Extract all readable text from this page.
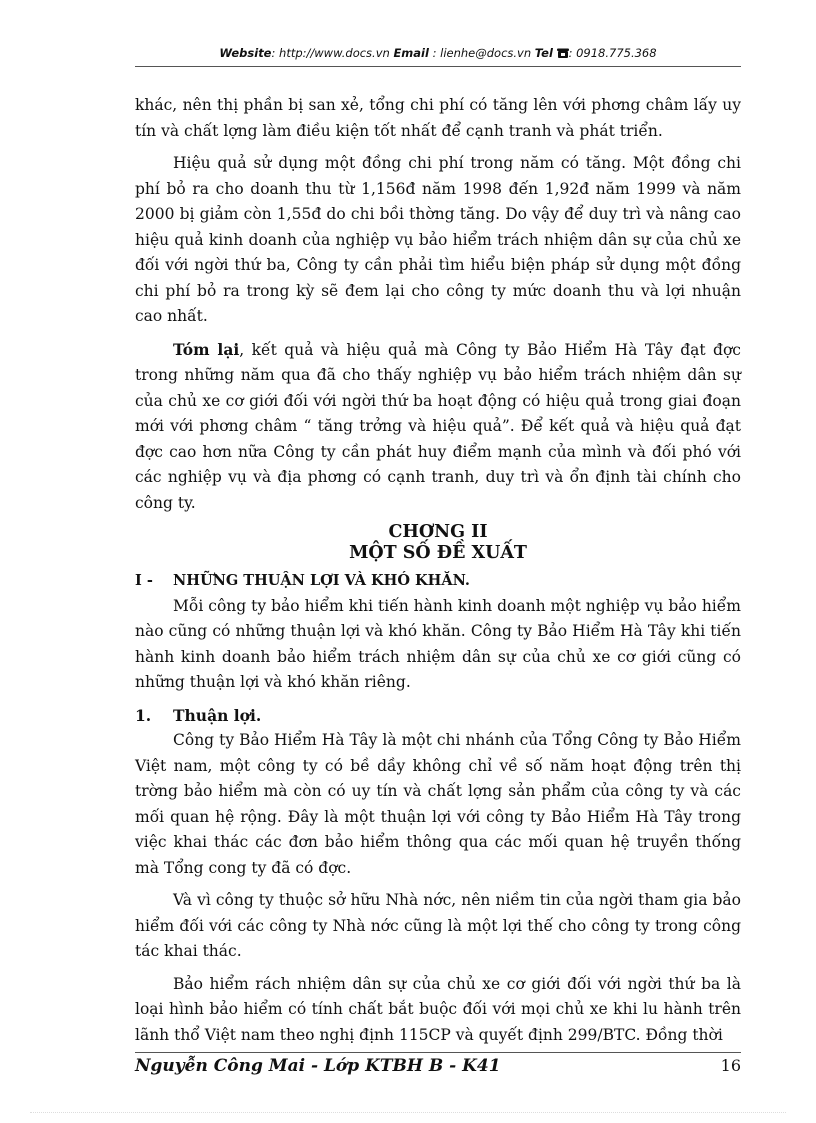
Website: http://www.docs.vn Email : lienhe@docs.vn Tel : 0918.775.368

khác, nên thị phần bị san xẻ, tổng chi phí có tăng lên với phơng châm lấy uy tín và chất lợng làm điều kiện tốt nhất để cạnh tranh và phát triển.

Hiệu quả sử dụng một đồng chi phí trong năm có tăng. Một đồng chi phí bỏ ra cho doanh thu từ 1,156đ năm 1998 đến 1,92đ năm 1999 và năm 2000 bị giảm còn 1,55đ do chi bồi thờng tăng. Do vậy để duy trì và nâng cao hiệu quả kinh doanh của nghiệp vụ bảo hiểm trách nhiệm dân sự của chủ xe đối với ngời thứ ba, Công ty cần phải tìm hiểu biện pháp sử dụng một đồng chi phí bỏ ra trong kỳ sẽ đem lại cho công ty mức doanh thu và lợi nhuận cao nhất.

Tóm lại, kết quả và hiệu quả mà Công ty Bảo Hiểm Hà Tây đạt đợc trong những năm qua đã cho thấy nghiệp vụ bảo hiểm trách nhiệm dân sự của chủ xe cơ giới đối với ngời thứ ba hoạt động có hiệu quả trong giai đoạn mới với phơng châm “ tăng trởng và hiệu quả”. Để kết quả và hiệu quả đạt đợc cao hơn nữa Công ty cần phát huy điểm mạnh của mình và đối phó với các nghiệp vụ và địa phơng có cạnh tranh, duy trì và ổn định tài chính cho công ty.

CHƠNG II
MỘT SỐ ĐỀ XUẤT
I -	NHỮNG THUẬN LỢI VÀ KHÓ KHĂN.

Mỗi công ty bảo hiểm khi tiến hành kinh doanh một nghiệp vụ bảo hiểm nào cũng có những thuận lợi và khó khăn. Công ty Bảo Hiểm Hà Tây khi tiến hành kinh doanh bảo hiểm trách nhiệm dân sự của chủ xe cơ giới cũng có những thuận lợi và khó khăn riêng.

1.	Thuận lợi.

Công ty Bảo Hiểm Hà Tây là một chi nhánh của Tổng Công ty Bảo Hiểm Việt nam, một công ty có bề dầy không chỉ về số năm hoạt động trên thị trờng bảo hiểm mà còn có uy tín và chất lợng sản phẩm của công ty và các mối quan hệ rộng. Đây là một thuận lợi với công ty Bảo Hiểm Hà Tây trong việc khai thác các đơn bảo hiểm thông qua các mối quan hệ truyền thống mà Tổng cong ty đã có đợc.

Và vì công ty thuộc sở hữu Nhà nớc, nên niềm tin của ngời tham gia bảo hiểm đối với các công ty Nhà nớc cũng là một lợi thế cho công ty trong công tác khai thác.

Bảo hiểm rách nhiệm dân sự của chủ xe cơ giới đối với ngời thứ ba là loại hình bảo hiểm có tính chất bắt buộc đối với mọi chủ xe khi lu hành trên lãnh thổ Việt nam theo nghị định 115CP và quyết định 299/BTC. Đồng thời

Nguyễn Công Mai - Lớp KTBH B - K41	16
